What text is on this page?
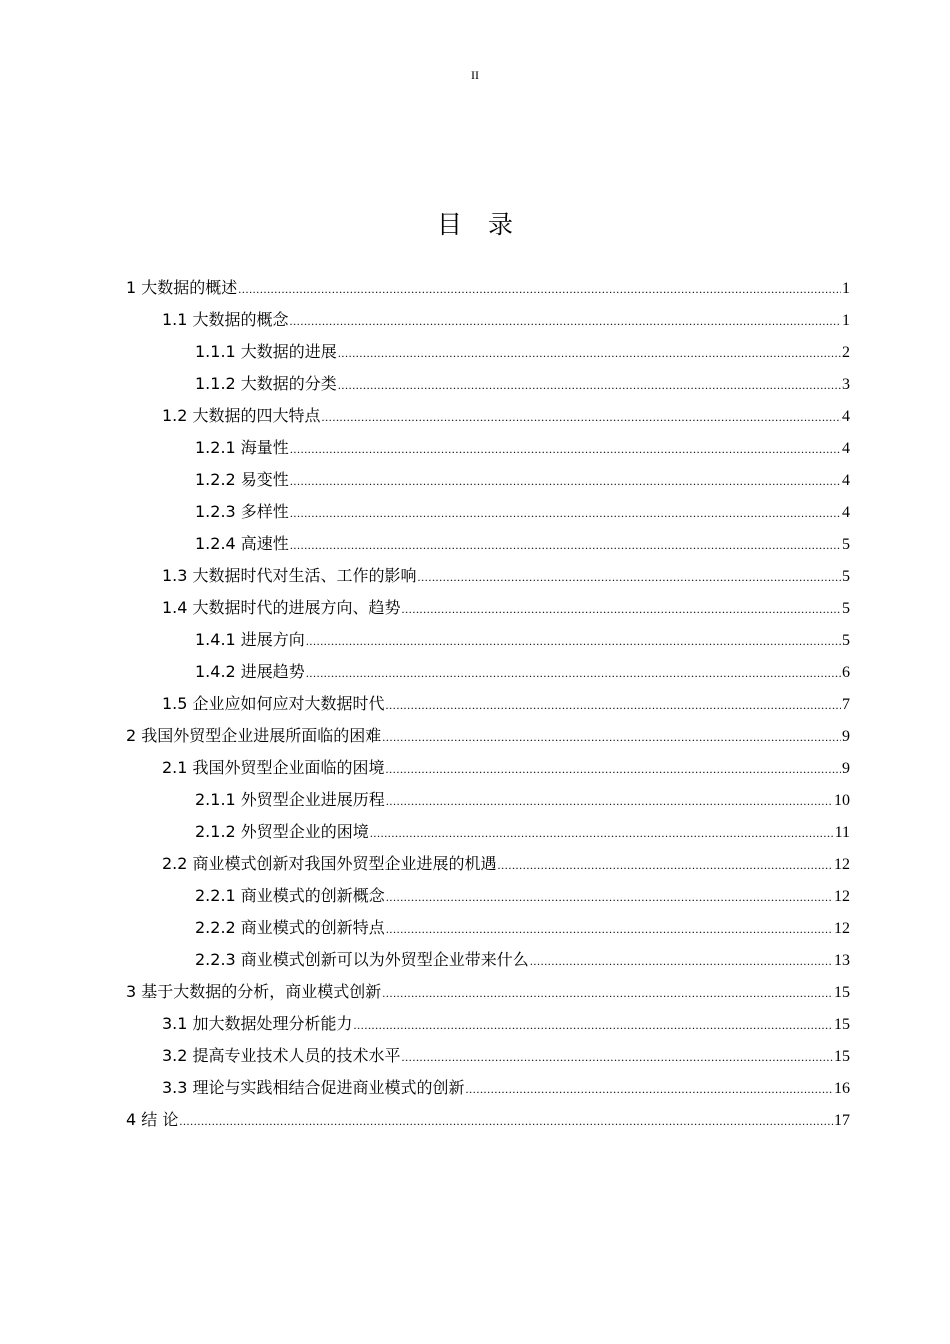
II
目录
1 大数据的概述 .....	1
1.1 大数据的概念 .....	1
1.1.1 大数据的进展 .....	2
1.1.2 大数据的分类 .....	3
1.2 大数据的四大特点 .....	4
1.2.1 海量性 .....	4
1.2.2 易变性 .....	4
1.2.3 多样性 .....	4
1.2.4 高速性 .....	5
1.3 大数据时代对生活、工作的影响 .....	5
1.4 大数据时代的进展方向、趋势 .....	5
1.4.1 进展方向 .....	5
1.4.2 进展趋势 .....	6
1.5 企业应如何应对大数据时代 .....	7
2 我国外贸型企业进展所面临的困难 .....	9
2.1 我国外贸型企业面临的困境 .....	9
2.1.1 外贸型企业进展历程 .....	10
2.1.2 外贸型企业的困境 .....	11
2.2 商业模式创新对我国外贸型企业进展的机遇 .....	12
2.2.1 商业模式的创新概念 .....	12
2.2.2 商业模式的创新特点 .....	12
2.2.3 商业模式创新可以为外贸型企业带来什么 .....	13
3 基于大数据的分析，商业模式创新 .....	15
3.1 加大数据处理分析能力 .....	15
3.2 提高专业技术人员的技术水平 .....	15
3.3 理论与实践相结合促进商业模式的创新 .....	16
4 结 论 .....	17
